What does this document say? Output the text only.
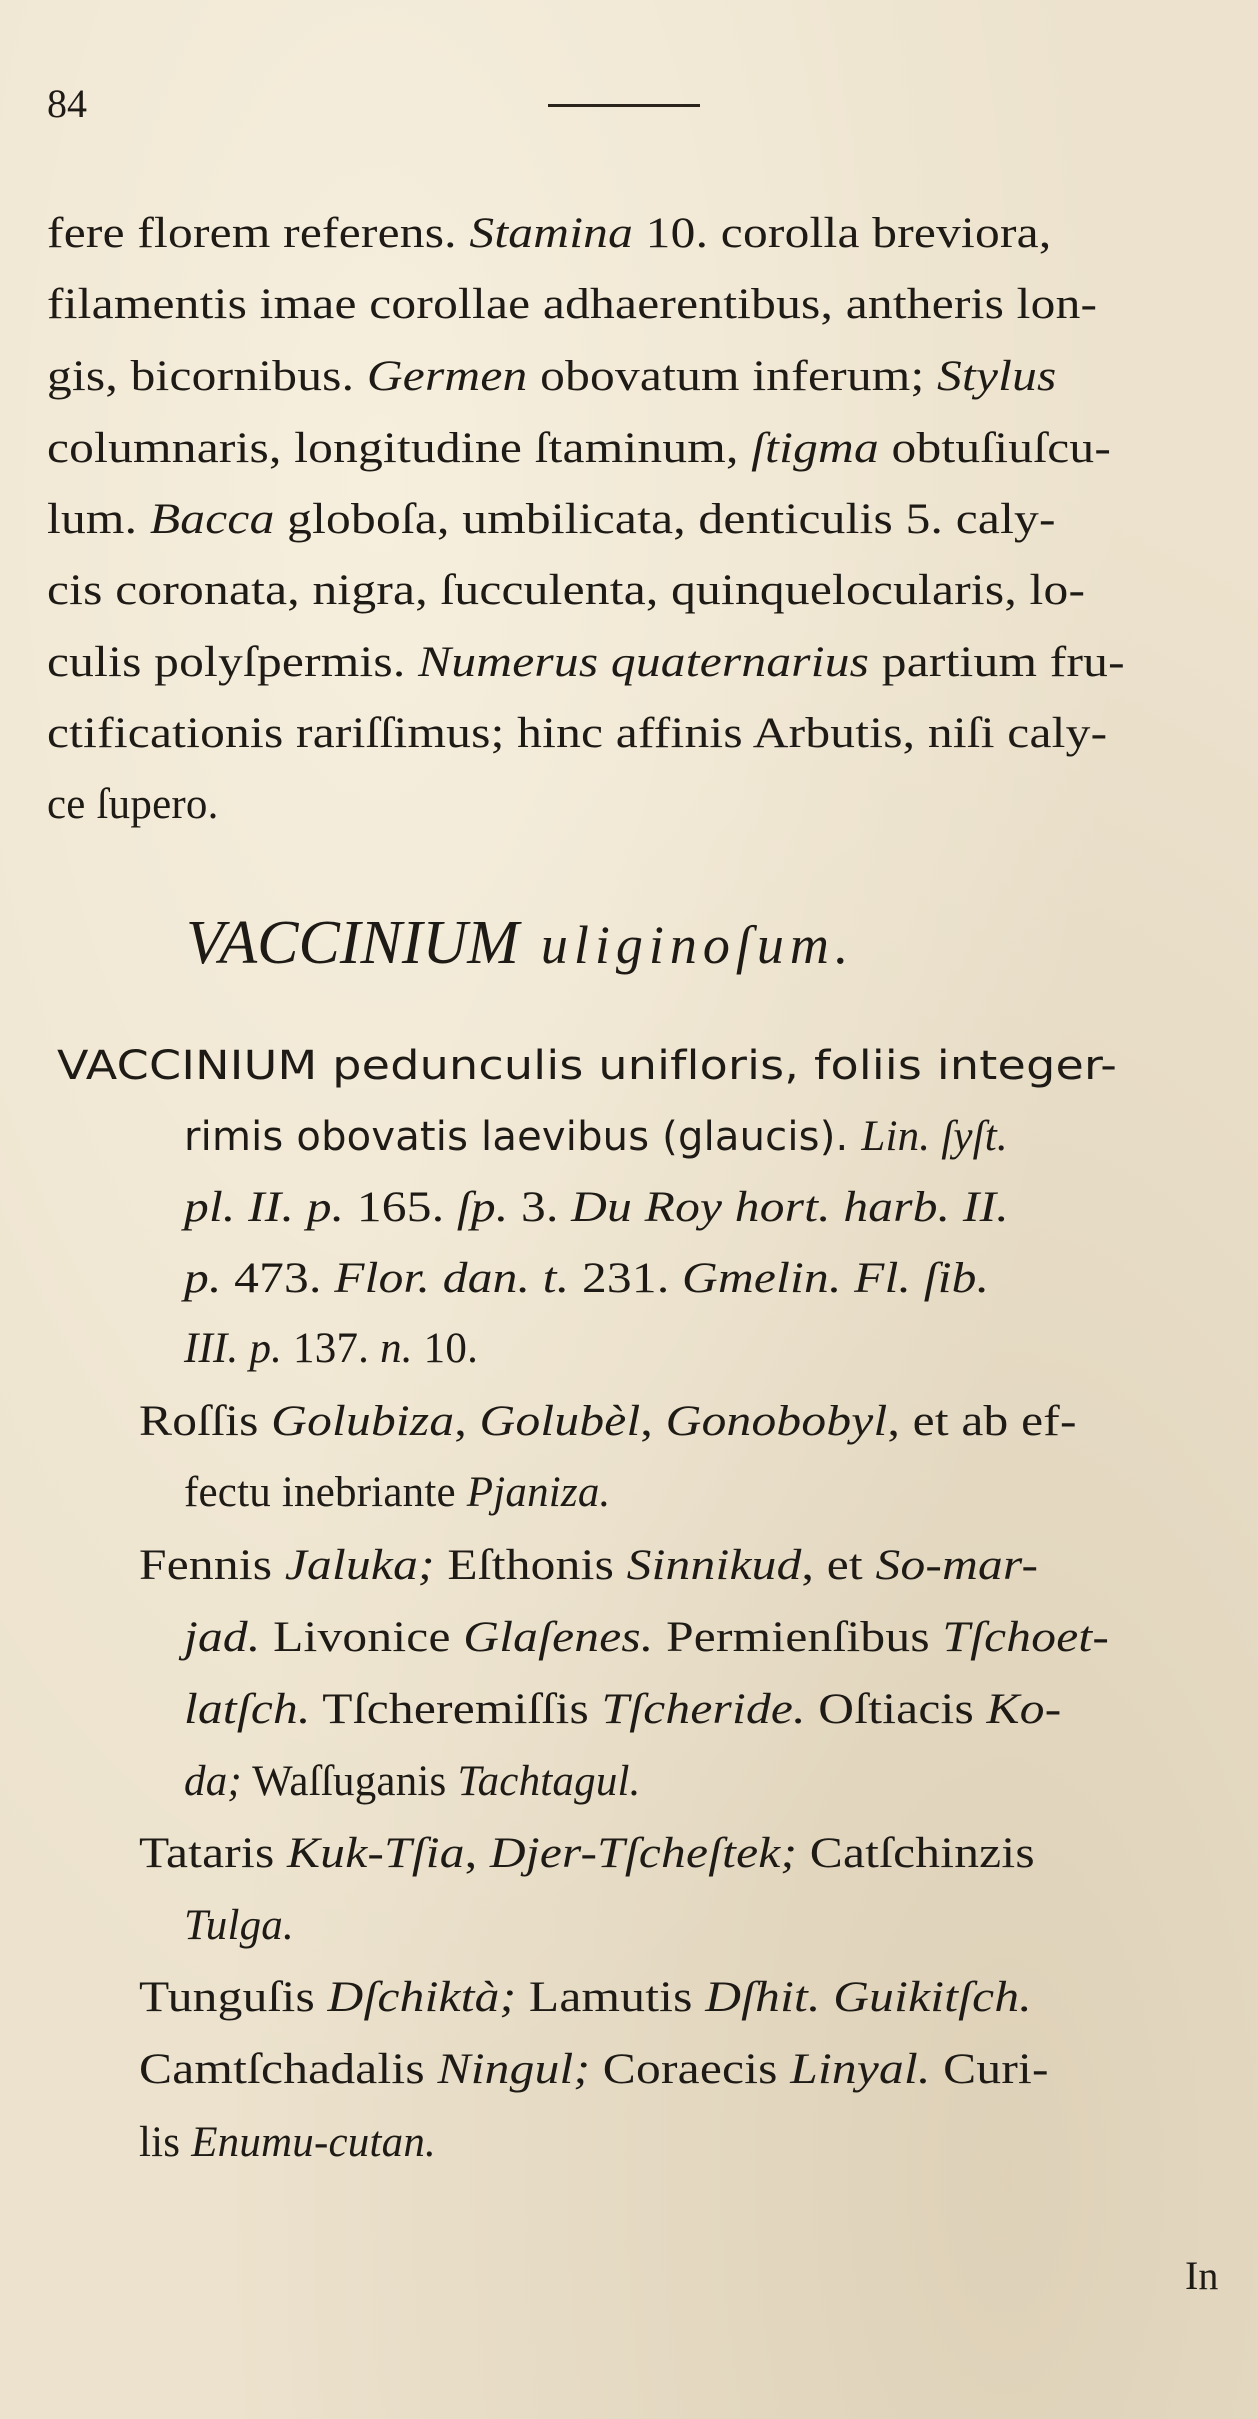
84
fere florem referens. Stamina 10. corolla breviora,
filamentis imae corollae adhaerentibus, antheris lon-
gis, bicornibus. Germen obovatum inferum; Stylus
columnaris, longitudine ſtaminum, ſtigma obtuſiuſcu-
lum. Bacca globoſa, umbilicata, denticulis 5. caly-
cis coronata, nigra, ſucculenta, quinquelocularis, lo-
culis polyſpermis. Numerus quaternarius partium fru-
ctificationis rariſſimus; hinc affinis Arbutis, niſi caly-
ce ſupero.
VACCINIUM uliginoſum.
VACCINIUM pedunculis unifloris, foliis integer-
rimis obovatis laevibus (glaucis). Lin. ſyſt.
pl. II. p. 165. ſp. 3. Du Roy hort. harb. II.
p. 473. Flor. dan. t. 231. Gmelin. Fl. ſib.
III. p. 137. n. 10.
Roſſis Golubiza, Golubèl, Gonobobyl, et ab ef-
fectu inebriante Pjaniza.
Fennis Jaluka; Eſthonis Sinnikud, et So-mar-
jad. Livonice Glaſenes. Permienſibus Tſchoet-
latſch. Tſcheremiſſis Tſcheride. Oſtiacis Ko-
da; Waſſuganis Tachtagul.
Tataris Kuk-Tſia, Djer-Tſcheſtek; Catſchinzis
Tulga.
Tunguſis Dſchiktà; Lamutis Dſhit. Guikitſch.
Camtſchadalis Ningul; Coraecis Linyal. Curi-
lis Enumu-cutan.
In
